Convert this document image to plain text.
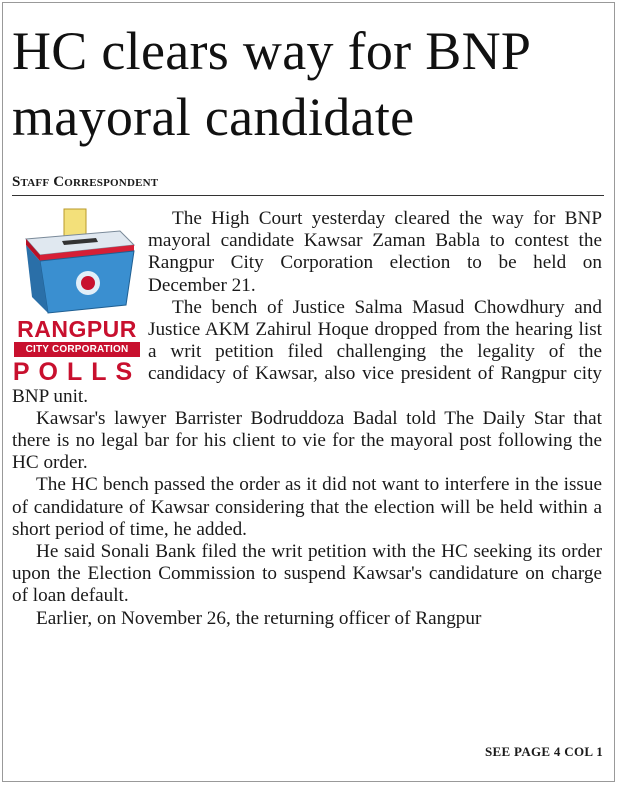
HC clears way for BNP mayoral candidate
Staff Correspondent
RANGPUR
CITY CORPORATION
POLLS

The High Court yesterday cleared the way for BNP mayoral candidate Kawsar Zaman Babla to contest the Rangpur City Corporation election to be held on December 21.

The bench of Justice Salma Masud Chowdhury and Justice AKM Zahirul Hoque dropped from the hearing list a writ petition filed challenging the legality of the candidacy of Kawsar, also vice president of Rangpur city BNP unit.

Kawsar's lawyer Barrister Bodruddoza Badal told The Daily Star that there is no legal bar for his client to vie for the mayoral post following the HC order.

The HC bench passed the order as it did not want to interfere in the issue of candidature of Kawsar considering that the election will be held within a short period of time, he added.

He said Sonali Bank filed the writ petition with the HC seeking its order upon the Election Commission to suspend Kawsar's candidature on charge of loan default.

Earlier, on November 26, the returning officer of Rangpur

SEE PAGE 4 COL 1
